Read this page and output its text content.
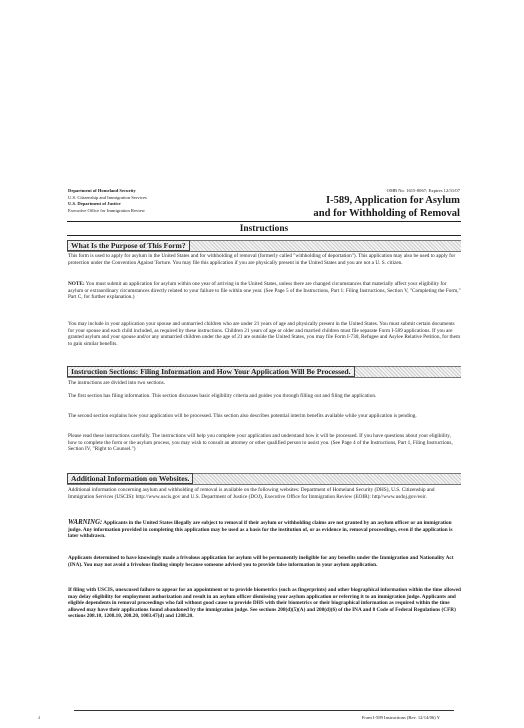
Department of Homeland Security
U.S. Citizenship and Immigration Services
U.S. Department of Justice
Executive Office for Immigration Review
OMB No. 1615-0067; Expires 12/31/07
I-589, Application for Asylum
and for Withholding of Removal
Instructions
What Is the Purpose of This Form?
This form is used to apply for asylum in the United States and for withholding of removal (formerly called "withholding of deportation"). This application may also be used to apply for protection under the Convention Against Torture. You may file this application if you are physically present in the United States and you are not a U. S. citizen.
NOTE: You must submit an application for asylum within one year of arriving in the United States, unless there are changed circumstances that materially affect your eligibility for asylum or extraordinary circumstances directly related to your failure to file within one year. (See Page 5 of the Instructions, Part 1: Filing Instructions, Section V, "Completing the Form," Part C, for further explanation.)
You may include in your application your spouse and unmarried children who are under 21 years of age and physically present in the United States. You must submit certain documents for your spouse and each child included, as required by these instructions. Children 21 years of age or older and married children must file separate Form I-589 applications. If you are granted asylum and your spouse and/or any unmarried children under the age of 21 are outside the United States, you may file Form I-730, Refugee and Asylee Relative Petition, for them to gain similar benefits.
Instruction Sections: Filing Information and How Your Application Will Be Processed.
The instructions are divided into two sections.
The first section has filing information. This section discusses basic eligibility criteria and guides you through filling out and filing the application.
The second section explains how your application will be processed. This section also describes potential interim benefits available while your application is pending.
Please read these instructions carefully. The instructions will help you complete your application and understand how it will be processed. If you have questions about your eligibility, how to complete the form or the asylum process, you may wish to consult an attorney or other qualified person to assist you. (See Page 4 of the Instructions, Part 1, Filing Instructions, Section IV, "Right to Counsel.")
Additional Information on Websites.
Additional information concerning asylum and withholding of removal is available on the following websites: Department of Homeland Security (DHS), U.S. Citizenship and Immigration Services (USCIS): http://www.uscis.gov and U.S. Department of Justice (DOJ), Executive Office for Immigration Review (EOIR): http//www.usdoj.gov/eoir.
WARNING: Applicants in the United States illegally are subject to removal if their asylum or withholding claims are not granted by an asylum officer or an immigration judge. Any information provided in completing this application may be used as a basis for the institution of, or as evidence in, removal proceedings, even if the application is later withdrawn.
Applicants determined to have knowingly made a frivolous application for asylum will be permanently ineligible for any benefits under the Immigration and Nationality Act (INA). You may not avoid a frivolous finding simply because someone advised you to provide false information in your asylum application.
If filing with USCIS, unexcused failure to appear for an appointment or to provide biometrics (such as fingerprints) and other biographical information within the time allowed may delay eligibility for employment authorization and result in an asylum officer dismissing your asylum application or referring it to an immigration judge. Applicants and eligible dependents in removal proceedings who fail without good cause to provide DHS with their biometrics or their biographical information as required within the time allowed may have their applications found abandoned by the immigration judge. See sections 208(d)(5)(A) and 208(d)(6) of the INA and 8 Code of Federal Regulations (CFR) sections 208.10, 1208.10, 208.20, 1003.47(d) and 1208.20.
Form I-589 Instructions (Rev. 12/14/06) Y
4
